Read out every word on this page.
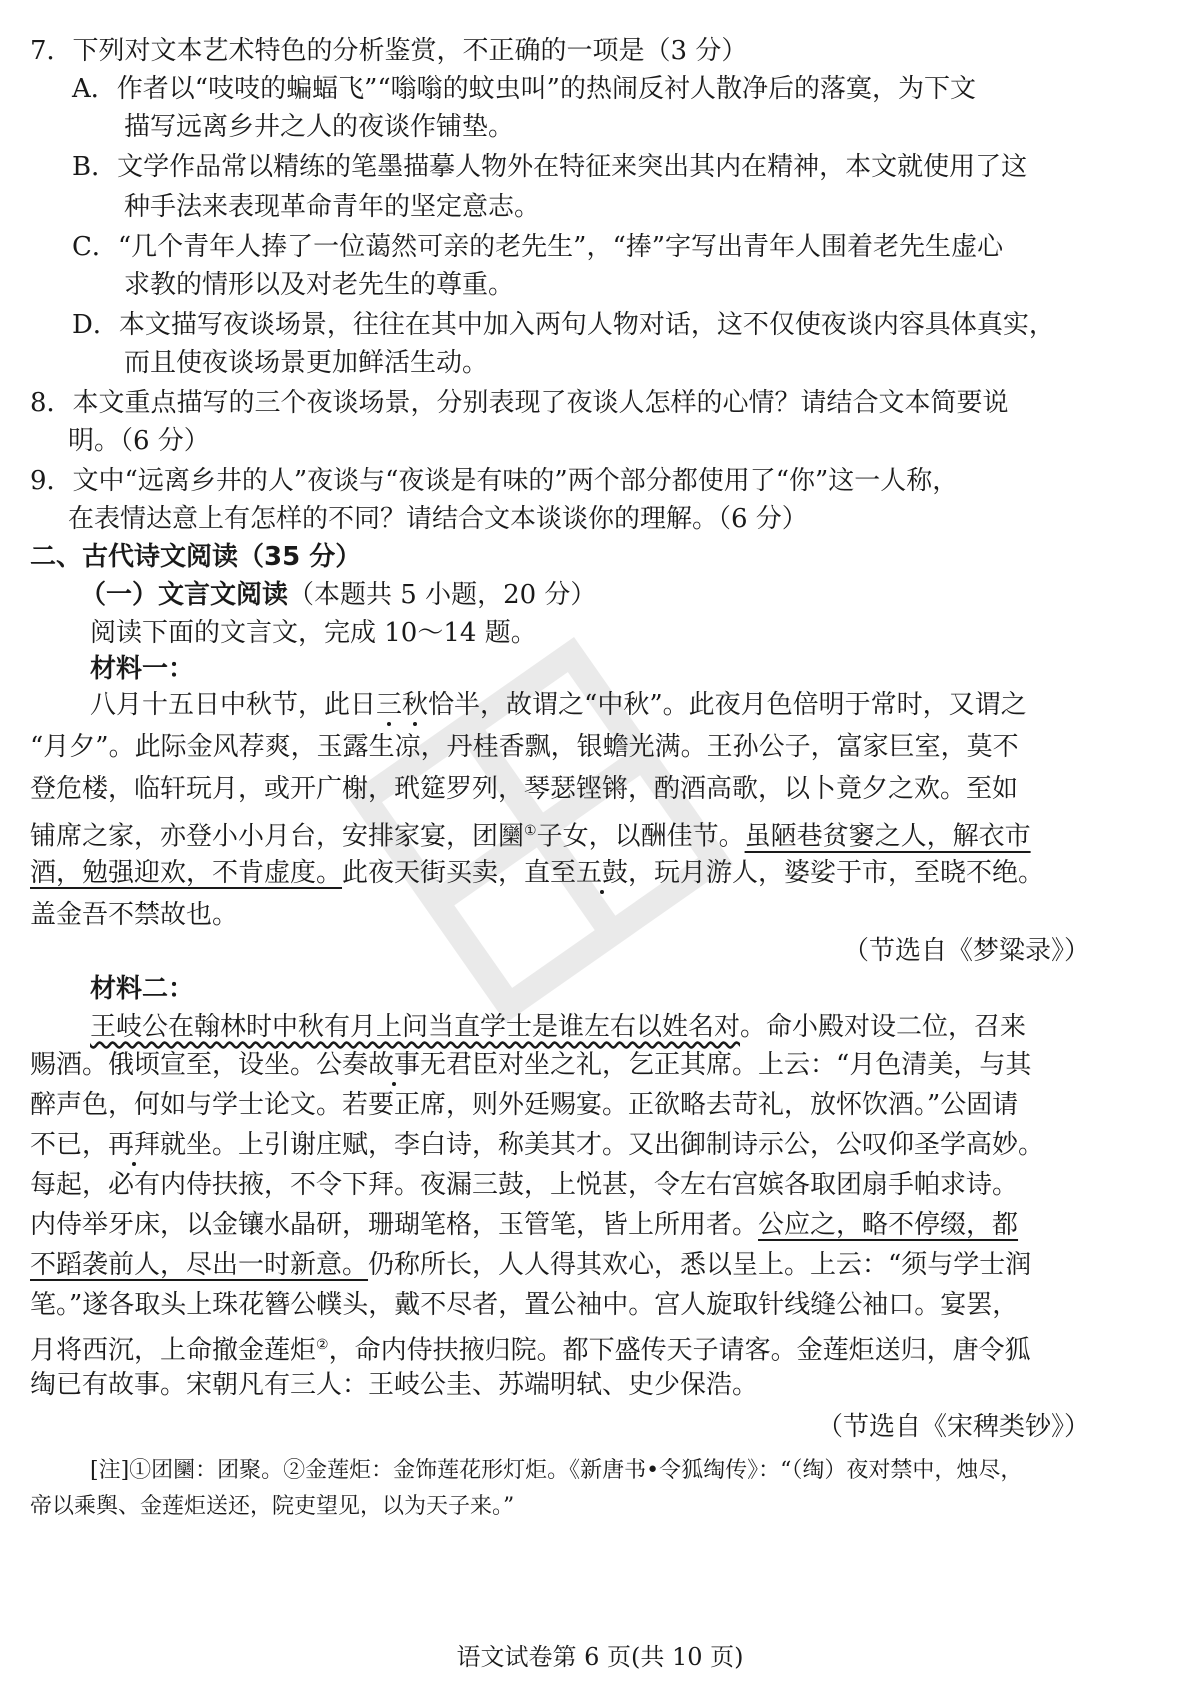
7．下列对文本艺术特色的分析鉴赏，不正确的一项是（3 分）
A．作者以“吱吱的蝙蝠飞”“嗡嗡的蚊虫叫”的热闹反衬人散净后的落寞，为下文
描写远离乡井之人的夜谈作铺垫。
B．文学作品常以精练的笔墨描摹人物外在特征来突出其内在精神，本文就使用了这
种手法来表现革命青年的坚定意志。
C．“几个青年人捧了一位蔼然可亲的老先生”，“捧”字写出青年人围着老先生虚心
求教的情形以及对老先生的尊重。
D．本文描写夜谈场景，往往在其中加入两句人物对话，这不仅使夜谈内容具体真实，
而且使夜谈场景更加鲜活生动。
8．本文重点描写的三个夜谈场景，分别表现了夜谈人怎样的心情？请结合文本简要说
明。（6 分）
9．文中“远离乡井的人”夜谈与“夜谈是有味的”两个部分都使用了“你”这一人称，
在表情达意上有怎样的不同？请结合文本谈谈你的理解。（6 分）
二、古代诗文阅读（35 分）
（一）文言文阅读（本题共 5 小题，20 分）
阅读下面的文言文，完成 10～14 题。
材料一：
八月十五日中秋节，此日三秋恰半，故谓之“中秋”。此夜月色倍明于常时，又谓之
“月夕”。此际金风荐爽，玉露生凉，丹桂香飘，银蟾光满。王孙公子，富家巨室，莫不
登危楼，临轩玩月，或开广榭，玳筵罗列，琴瑟铿锵，酌酒高歌，以卜竟夕之欢。至如
铺席之家，亦登小小月台，安排家宴，团圞①子女，以酬佳节。虽陋巷贫窭之人，解衣市
酒，勉强迎欢，不肯虚度。此夜天街买卖，直至五鼓，玩月游人，婆娑于市，至晓不绝。
盖金吾不禁故也。
（节选自《梦粱录》）
材料二：
王岐公在翰林时中秋有月上问当直学士是谁左右以姓名对。命小殿对设二位，召来
赐酒。俄顷宣至，设坐。公奏故事无君臣对坐之礼，乞正其席。上云：“月色清美，与其
醉声色，何如与学士论文。若要正席，则外廷赐宴。正欲略去苛礼，放怀饮酒。”公固请
不已，再拜就坐。上引谢庄赋，李白诗，称美其才。又出御制诗示公，公叹仰圣学高妙。
每起，必有内侍扶掖，不令下拜。夜漏三鼓，上悦甚，令左右宫嫔各取团扇手帕求诗。
内侍举牙床，以金镶水晶研，珊瑚笔格，玉管笔，皆上所用者。公应之，略不停缀，都
不蹈袭前人，尽出一时新意。仍称所长，人人得其欢心，悉以呈上。上云：“须与学士润
笔。”遂各取头上珠花簪公幞头，戴不尽者，置公袖中。宫人旋取针线缝公袖口。宴罢，
月将西沉，上命撤金莲炬②，命内侍扶掖归院。都下盛传天子请客。金莲炬送归，唐令狐
绹已有故事。宋朝凡有三人：王岐公圭、苏端明轼、史少保浩。
（节选自《宋稗类钞》）
[注]①团圞：团聚。②金莲炬：金饰莲花形灯炬。《新唐书•令狐绹传》：“（绹）夜对禁中，烛尽，
帝以乘舆、金莲炬送还，院吏望见，以为天子来。”
语文试卷第 6 页(共 10 页)
